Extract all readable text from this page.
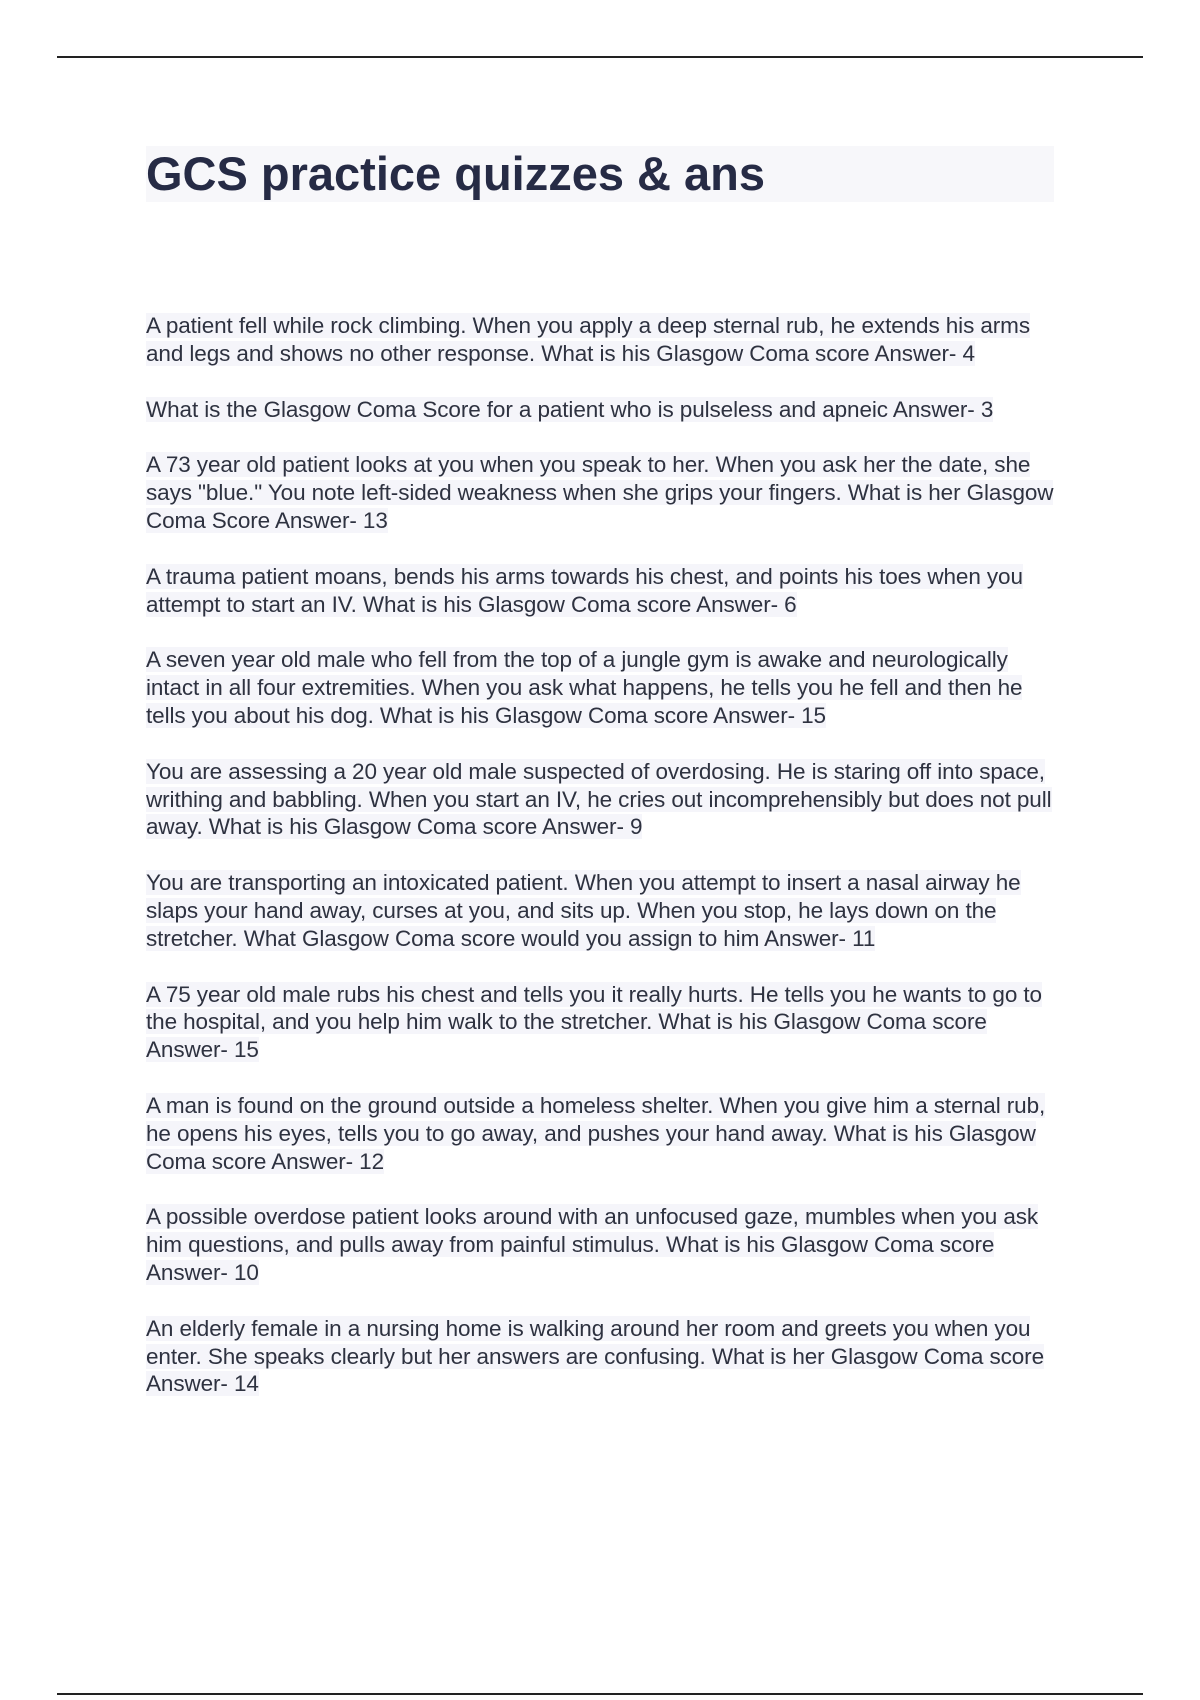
GCS practice quizzes & ans
A patient fell while rock climbing. When you apply a deep sternal rub, he extends his arms and legs and shows no other response. What is his Glasgow Coma score Answer- 4
What is the Glasgow Coma Score for a patient who is pulseless and apneic Answer- 3
A 73 year old patient looks at you when you speak to her. When you ask her the date, she says "blue." You note left-sided weakness when she grips your fingers. What is her Glasgow Coma Score Answer- 13
A trauma patient moans, bends his arms towards his chest, and points his toes when you attempt to start an IV. What is his Glasgow Coma score Answer- 6
A seven year old male who fell from the top of a jungle gym is awake and neurologically intact in all four extremities. When you ask what happens, he tells you he fell and then he tells you about his dog. What is his Glasgow Coma score Answer- 15
You are assessing a 20 year old male suspected of overdosing. He is staring off into space, writhing and babbling. When you start an IV, he cries out incomprehensibly but does not pull away. What is his Glasgow Coma score Answer- 9
You are transporting an intoxicated patient. When you attempt to insert a nasal airway he slaps your hand away, curses at you, and sits up. When you stop, he lays down on the stretcher. What Glasgow Coma score would you assign to him Answer- 11
A 75 year old male rubs his chest and tells you it really hurts. He tells you he wants to go to the hospital, and you help him walk to the stretcher. What is his Glasgow Coma score Answer- 15
A man is found on the ground outside a homeless shelter. When you give him a sternal rub, he opens his eyes, tells you to go away, and pushes your hand away. What is his Glasgow Coma score Answer- 12
A possible overdose patient looks around with an unfocused gaze, mumbles when you ask him questions, and pulls away from painful stimulus. What is his Glasgow Coma score Answer- 10
An elderly female in a nursing home is walking around her room and greets you when you enter. She speaks clearly but her answers are confusing. What is her Glasgow Coma score Answer- 14
